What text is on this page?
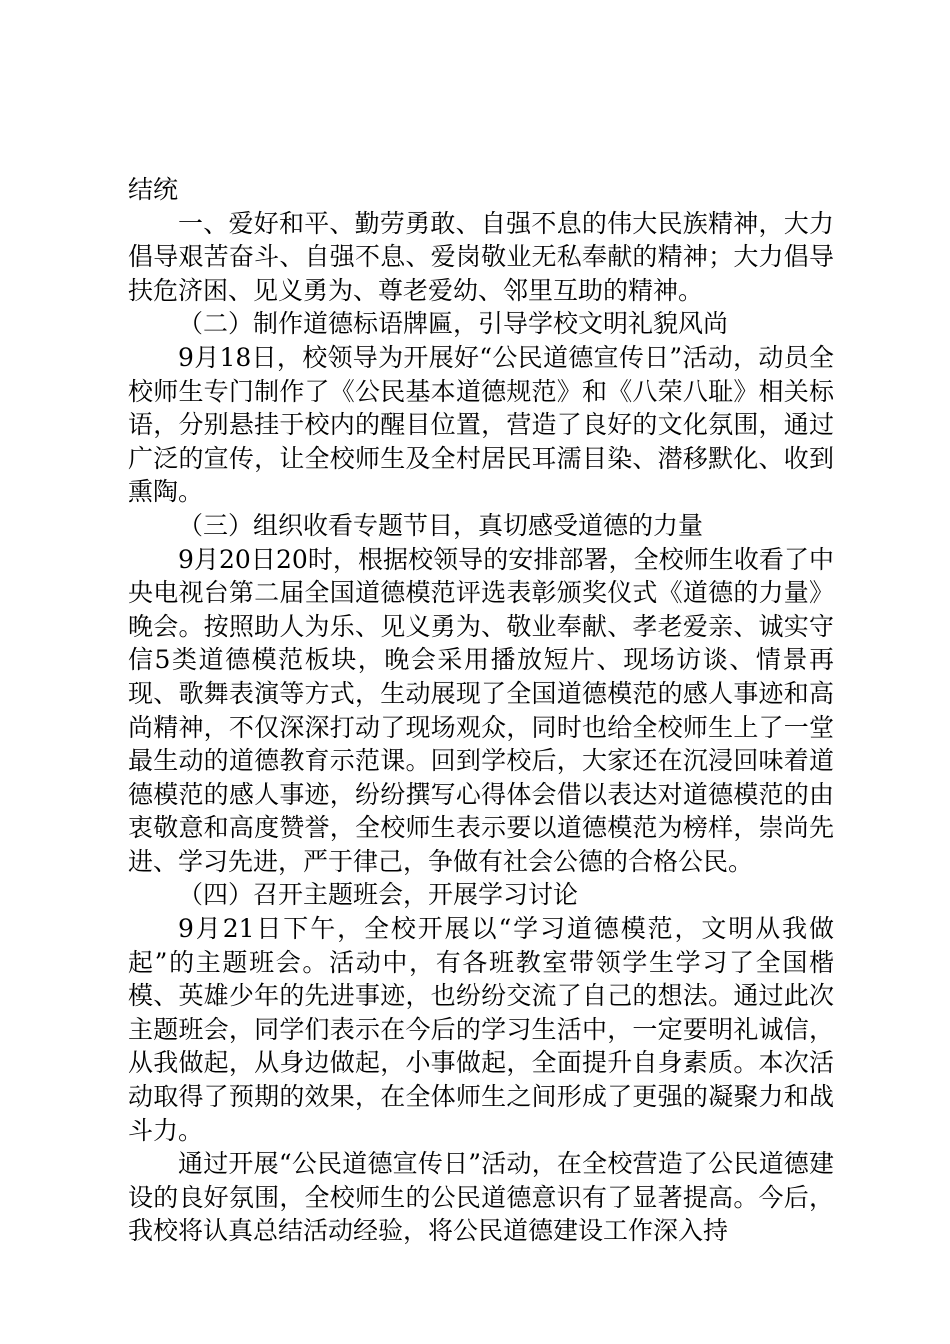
结统

一、爱好和平、勤劳勇敢、自强不息的伟大民族精神，大力倡导艰苦奋斗、自强不息、爱岗敬业无私奉献的精神；大力倡导扶危济困、见义勇为、尊老爱幼、邻里互助的精神。

（二）制作道德标语牌匾，引导学校文明礼貌风尚

9月18日，校领导为开展好“公民道德宣传日”活动，动员全校师生专门制作了《公民基本道德规范》和《八荣八耻》相关标语，分别悬挂于校内的醒目位置，营造了良好的文化氛围，通过广泛的宣传，让全校师生及全村居民耳濡目染、潜移默化、收到熏陶。

（三）组织收看专题节目，真切感受道德的力量

9月20日20时，根据校领导的安排部署，全校师生收看了中央电视台第二届全国道德模范评选表彰颁奖仪式《道德的力量》晚会。按照助人为乐、见义勇为、敬业奉献、孝老爱亲、诚实守信5类道德模范板块，晚会采用播放短片、现场访谈、情景再现、歌舞表演等方式，生动展现了全国道德模范的感人事迹和高尚精神，不仅深深打动了现场观众，同时也给全校师生上了一堂最生动的道德教育示范课。回到学校后，大家还在沉浸回味着道德模范的感人事迹，纷纷撰写心得体会借以表达对道德模范的由衷敬意和高度赞誉，全校师生表示要以道德模范为榜样，崇尚先进、学习先进，严于律己，争做有社会公德的合格公民。

（四）召开主题班会，开展学习讨论

9月21日下午，全校开展以“学习道德模范，文明从我做起”的主题班会。活动中，有各班教室带领学生学习了全国楷模、英雄少年的先进事迹，也纷纷交流了自己的想法。通过此次主题班会，同学们表示在今后的学习生活中，一定要明礼诚信，从我做起，从身边做起，小事做起，全面提升自身素质。本次活动取得了预期的效果，在全体师生之间形成了更强的凝聚力和战斗力。

通过开展“公民道德宣传日”活动，在全校营造了公民道德建设的良好氛围，全校师生的公民道德意识有了显著提高。今后，我校将认真总结活动经验，将公民道德建设工作深入持
